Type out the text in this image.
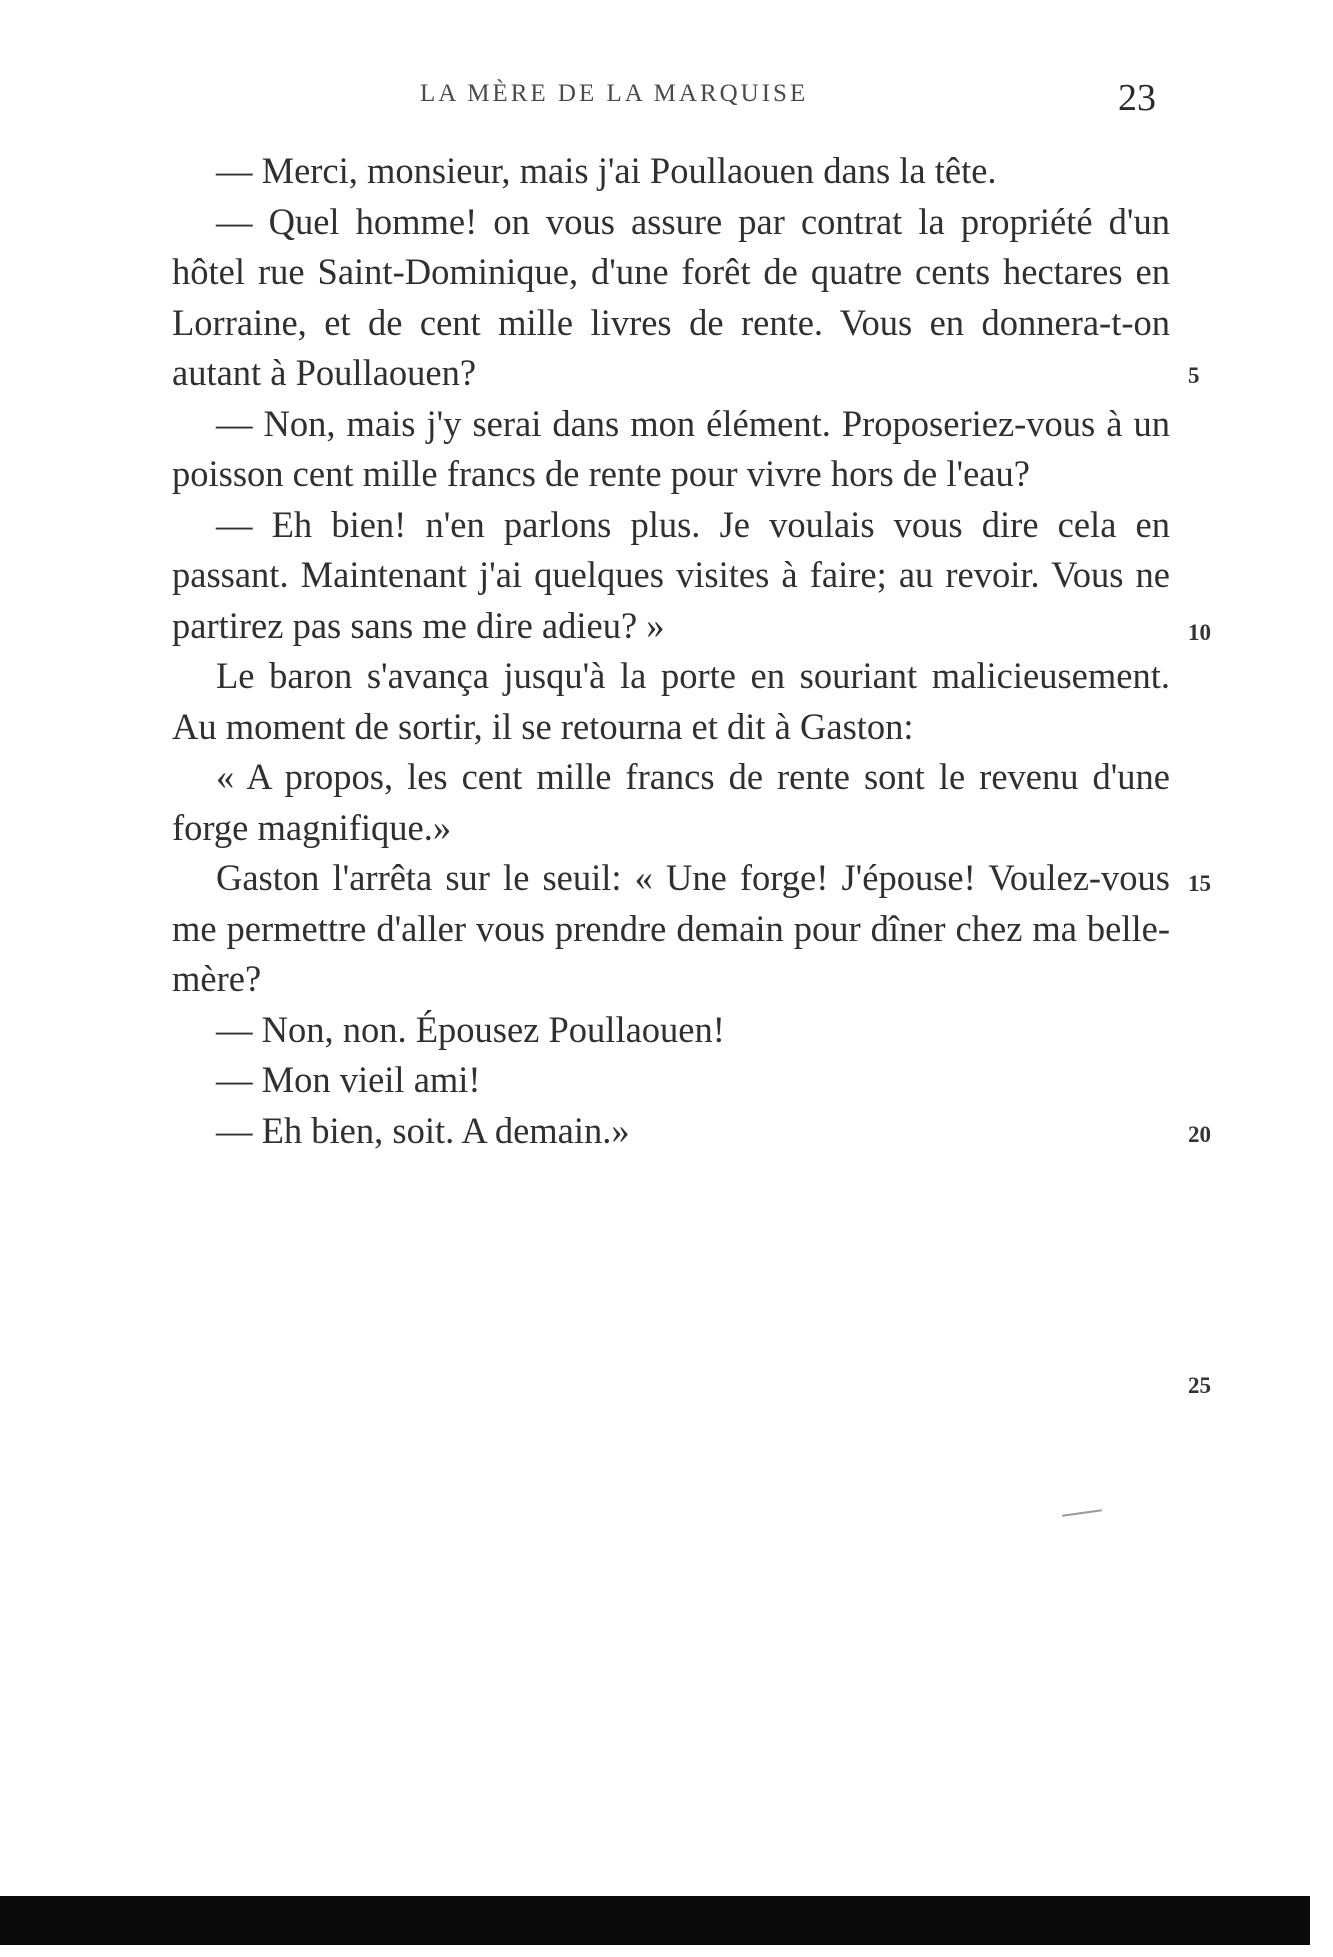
LA MÈRE DE LA MARQUISE	23

— Merci, monsieur, mais j'ai Poullaouen dans la tête.

— Quel homme! on vous assure par contrat la propriété d'un hôtel rue Saint-Dominique, d'une forêt de quatre cents hectares en Lorraine, et de cent mille livres de rente. Vous en donnera-t-on autant à Poullaouen?

— Non, mais j'y serai dans mon élément. Proposeriez-vous à un poisson cent mille francs de rente pour vivre hors de l'eau?

— Eh bien! n'en parlons plus. Je voulais vous dire cela en passant. Maintenant j'ai quelques visites à faire; au revoir. Vous ne partirez pas sans me dire adieu? »

Le baron s'avança jusqu'à la porte en souriant malicieusement. Au moment de sortir, il se retourna et dit à Gaston:

« A propos, les cent mille francs de rente sont le revenu d'une forge magnifique.»

Gaston l'arrêta sur le seuil: « Une forge! J'épouse! Voulez-vous me permettre d'aller vous prendre demain pour dîner chez ma belle-mère?

— Non, non. Épousez Poullaouen!

— Mon vieil ami!

— Eh bien, soit. A demain.»

5
10
15
20
25
